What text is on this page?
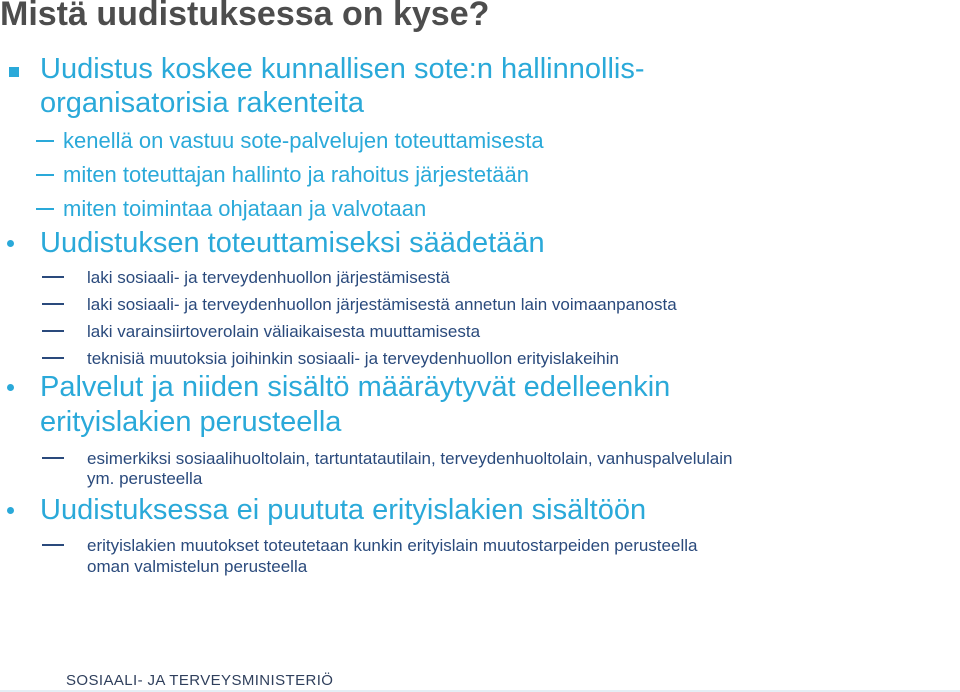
Mistä uudistuksessa on kyse?
Uudistus koskee kunnallisen sote:n hallinnollis-
organisatorisia rakenteita
kenellä on vastuu sote-palvelujen toteuttamisesta
miten toteuttajan hallinto ja rahoitus järjestetään
miten toimintaa ohjataan ja valvotaan
Uudistuksen toteuttamiseksi säädetään
laki sosiaali- ja terveydenhuollon järjestämisestä
laki sosiaali- ja terveydenhuollon järjestämisestä annetun lain voimaanpanosta
laki varainsiirtoverolain väliaikaisesta muuttamisesta
teknisiä muutoksia joihinkin sosiaali- ja terveydenhuollon erityislakeihin
Palvelut ja niiden sisältö määräytyvät edelleenkin
erityislakien perusteella
esimerkiksi sosiaalihuoltolain, tartuntatautilain, terveydenhuoltolain, vanhuspalvelulain
ym. perusteella
Uudistuksessa ei puututa erityislakien sisältöön
erityislakien muutokset toteutetaan kunkin erityislain muutostarpeiden perusteella
oman valmistelun perusteella
SOSIAALI- JA TERVEYSMINISTERIÖ
